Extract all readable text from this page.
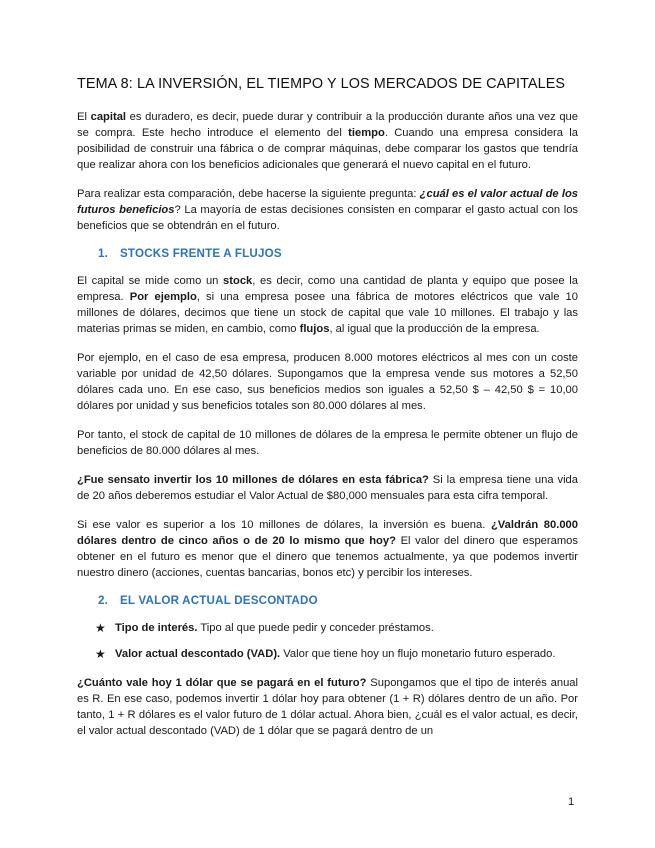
TEMA 8: LA INVERSIÓN, EL TIEMPO Y LOS MERCADOS DE CAPITALES

El capital es duradero, es decir, puede durar y contribuir a la producción durante años una vez que se compra. Este hecho introduce el elemento del tiempo. Cuando una empresa considera la posibilidad de construir una fábrica o de comprar máquinas, debe comparar los gastos que tendría que realizar ahora con los beneficios adicionales que generará el nuevo capital en el futuro.

Para realizar esta comparación, debe hacerse la siguiente pregunta: ¿cuál es el valor actual de los futuros beneficios? La mayoría de estas decisiones consisten en comparar el gasto actual con los beneficios que se obtendrán en el futuro.

1. STOCKS FRENTE A FLUJOS

El capital se mide como un stock, es decir, como una cantidad de planta y equipo que posee la empresa. Por ejemplo, si una empresa posee una fábrica de motores eléctricos que vale 10 millones de dólares, decimos que tiene un stock de capital que vale 10 millones. El trabajo y las materias primas se miden, en cambio, como flujos, al igual que la producción de la empresa.

Por ejemplo, en el caso de esa empresa, producen 8.000 motores eléctricos al mes con un coste variable por unidad de 42,50 dólares. Supongamos que la empresa vende sus motores a 52,50 dólares cada uno. En ese caso, sus beneficios medios son iguales a 52,50 $ – 42,50 $ = 10,00 dólares por unidad y sus beneficios totales son 80.000 dólares al mes.

Por tanto, el stock de capital de 10 millones de dólares de la empresa le permite obtener un flujo de beneficios de 80.000 dólares al mes.

¿Fue sensato invertir los 10 millones de dólares en esta fábrica? Si la empresa tiene una vida de 20 años deberemos estudiar el Valor Actual de $80,000 mensuales para esta cifra temporal.

Si ese valor es superior a los 10 millones de dólares, la inversión es buena. ¿Valdrán 80.000 dólares dentro de cinco años o de 20 lo mismo que hoy? El valor del dinero que esperamos obtener en el futuro es menor que el dinero que tenemos actualmente, ya que podemos invertir nuestro dinero (acciones, cuentas bancarias, bonos etc) y percibir los intereses.

2. EL VALOR ACTUAL DESCONTADO
★ Tipo de interés. Tipo al que puede pedir y conceder préstamos.
★ Valor actual descontado (VAD). Valor que tiene hoy un flujo monetario futuro esperado.

¿Cuánto vale hoy 1 dólar que se pagará en el futuro? Supongamos que el tipo de interés anual es R. En ese caso, podemos invertir 1 dólar hoy para obtener (1 + R) dólares dentro de un año. Por tanto, 1 + R dólares es el valor futuro de 1 dólar actual. Ahora bien, ¿cuál es el valor actual, es decir, el valor actual descontado (VAD) de 1 dólar que se pagará dentro de un

1
